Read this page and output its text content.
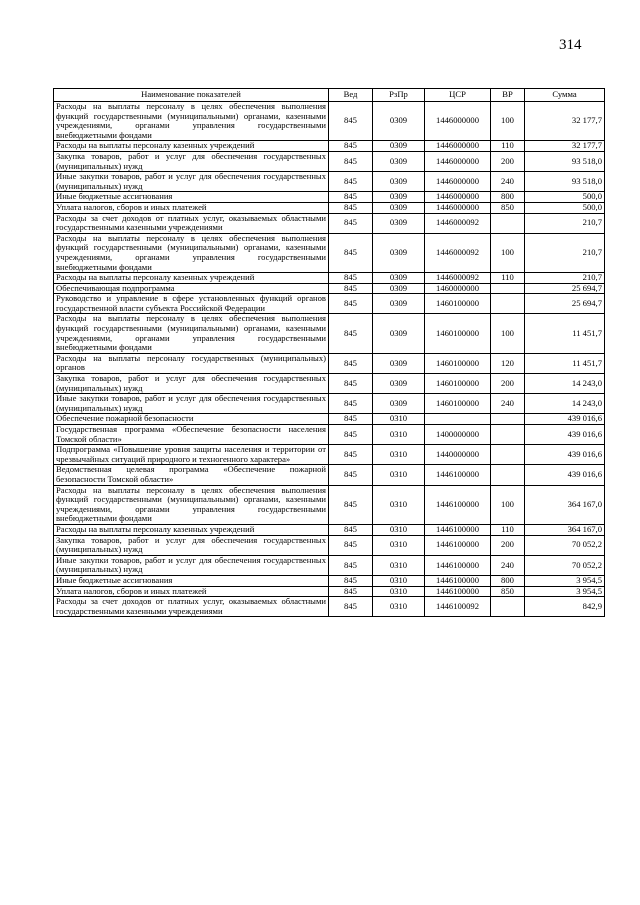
314
Наименование показателей	Вед	РзПр	ЦСР	ВР	Сумма
Расходы на выплаты персоналу в целях обеспечения выполнения функций государственными (муниципальными) органами, казенными учреждениями, органами управления государственными внебюджетными фондами	845	0309	1446000000	100	32 177,7
Расходы на выплаты персоналу казенных учреждений	845	0309	1446000000	110	32 177,7
Закупка товаров, работ и услуг для обеспечения государственных (муниципальных) нужд	845	0309	1446000000	200	93 518,0
Иные закупки товаров, работ и услуг для обеспечения государственных (муниципальных) нужд	845	0309	1446000000	240	93 518,0
Иные бюджетные ассигнования	845	0309	1446000000	800	500,0
Уплата налогов, сборов и иных платежей	845	0309	1446000000	850	500,0
Расходы за счет доходов от платных услуг, оказываемых областными государственными казенными учреждениями	845	0309	1446000092		210,7
Расходы на выплаты персоналу в целях обеспечения выполнения функций государственными (муниципальными) органами, казенными учреждениями, органами управления государственными внебюджетными фондами	845	0309	1446000092	100	210,7
Расходы на выплаты персоналу казенных учреждений	845	0309	1446000092	110	210,7
Обеспечивающая подпрограмма	845	0309	1460000000		25 694,7
Руководство и управление в сфере установленных функций органов государственной власти субъекта Российской Федерации	845	0309	1460100000		25 694,7
Расходы на выплаты персоналу в целях обеспечения выполнения функций государственными (муниципальными) органами, казенными учреждениями, органами управления государственными внебюджетными фондами	845	0309	1460100000	100	11 451,7
Расходы на выплаты персоналу государственных (муниципальных) органов	845	0309	1460100000	120	11 451,7
Закупка товаров, работ и услуг для обеспечения государственных (муниципальных) нужд	845	0309	1460100000	200	14 243,0
Иные закупки товаров, работ и услуг для обеспечения государственных (муниципальных) нужд	845	0309	1460100000	240	14 243,0
Обеспечение пожарной безопасности	845	0310			439 016,6
Государственная программа «Обеспечение безопасности населения Томской области»	845	0310	1400000000		439 016,6
Подпрограмма «Повышение уровня защиты населения и территории от чрезвычайных ситуаций природного и техногенного характера»	845	0310	1440000000		439 016,6
Ведомственная целевая программа «Обеспечение пожарной безопасности Томской области»	845	0310	1446100000		439 016,6
Расходы на выплаты персоналу в целях обеспечения выполнения функций государственными (муниципальными) органами, казенными учреждениями, органами управления государственными внебюджетными фондами	845	0310	1446100000	100	364 167,0
Расходы на выплаты персоналу казенных учреждений	845	0310	1446100000	110	364 167,0
Закупка товаров, работ и услуг для обеспечения государственных (муниципальных) нужд	845	0310	1446100000	200	70 052,2
Иные закупки товаров, работ и услуг для обеспечения государственных (муниципальных) нужд	845	0310	1446100000	240	70 052,2
Иные бюджетные ассигнования	845	0310	1446100000	800	3 954,5
Уплата налогов, сборов и иных платежей	845	0310	1446100000	850	3 954,5
Расходы за счет доходов от платных услуг, оказываемых областными государственными казенными учреждениями	845	0310	1446100092		842,9
